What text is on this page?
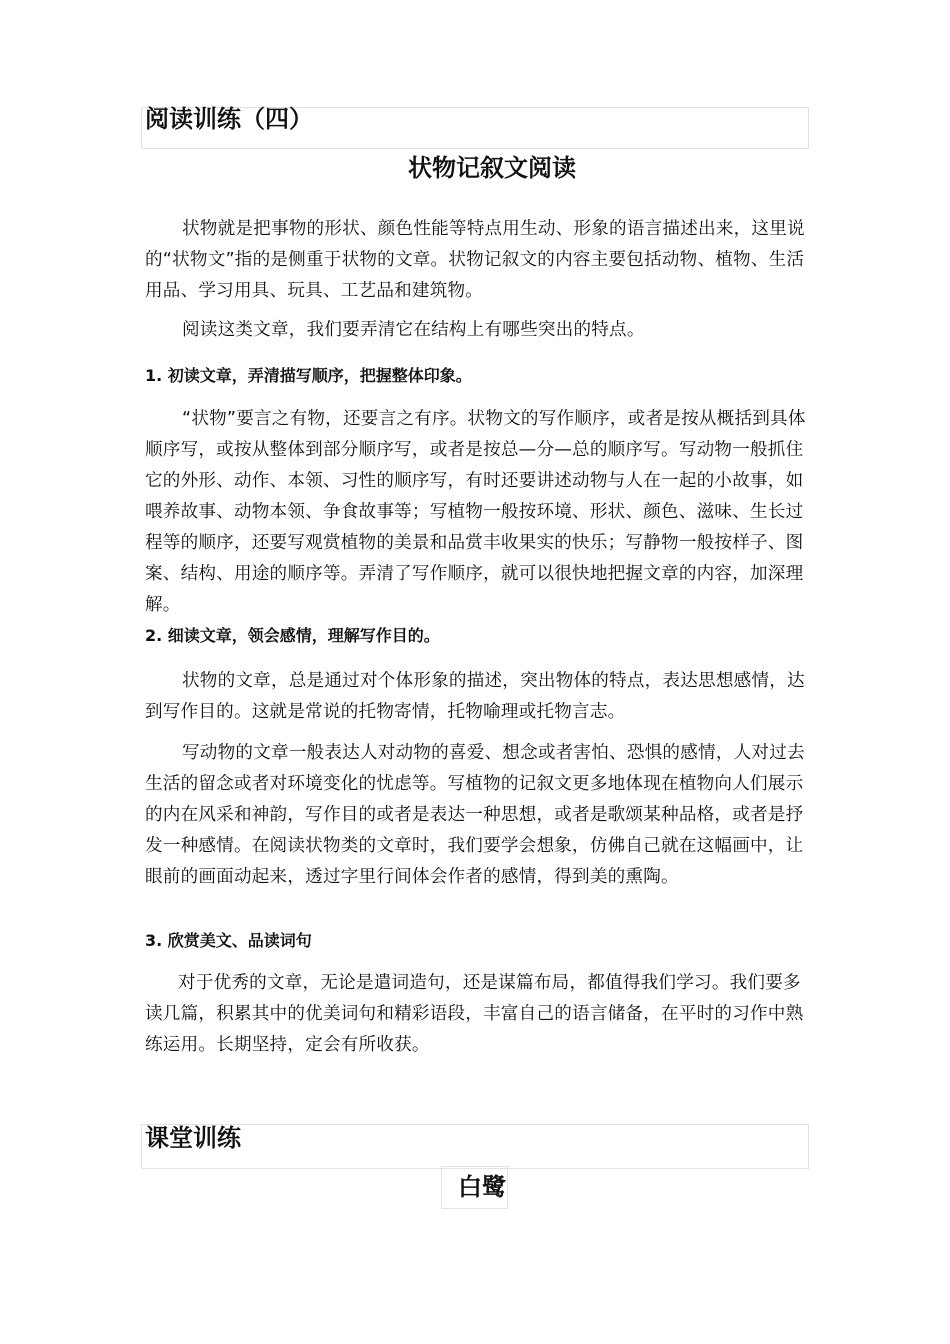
阅读训练（四）
状物记叙文阅读
状物就是把事物的形状、颜色性能等特点用生动、形象的语言描述出来，这里说的“状物文”指的是侧重于状物的文章。状物记叙文的内容主要包括动物、植物、生活用品、学习用具、玩具、工艺品和建筑物。
阅读这类文章，我们要弄清它在结构上有哪些突出的特点。
1. 初读文章，弄清描写顺序，把握整体印象。
“状物”要言之有物，还要言之有序。状物文的写作顺序，或者是按从概括到具体顺序写，或按从整体到部分顺序写，或者是按总—分—总的顺序写。写动物一般抓住它的外形、动作、本领、习性的顺序写，有时还要讲述动物与人在一起的小故事，如喂养故事、动物本领、争食故事等；写植物一般按环境、形状、颜色、滋味、生长过程等的顺序，还要写观赏植物的美景和品赏丰收果实的快乐；写静物一般按样子、图案、结构、用途的顺序等。弄清了写作顺序，就可以很快地把握文章的内容，加深理解。
2. 细读文章，领会感情，理解写作目的。
状物的文章，总是通过对个体形象的描述，突出物体的特点，表达思想感情，达到写作目的。这就是常说的托物寄情，托物喻理或托物言志。
写动物的文章一般表达人对动物的喜爱、想念或者害怕、恐惧的感情，人对过去生活的留念或者对环境变化的忧虑等。写植物的记叙文更多地体现在植物向人们展示的内在风采和神韵，写作目的或者是表达一种思想，或者是歌颂某种品格，或者是抒发一种感情。在阅读状物类的文章时，我们要学会想象，仿佛自己就在这幅画中，让眼前的画面动起来，透过字里行间体会作者的感情，得到美的熏陶。
3. 欣赏美文、品读词句
对于优秀的文章，无论是遣词造句，还是谋篇布局，都值得我们学习。我们要多读几篇，积累其中的优美词句和精彩语段，丰富自己的语言储备，在平时的习作中熟练运用。长期坚持，定会有所收获。
课堂训练
白鹭
